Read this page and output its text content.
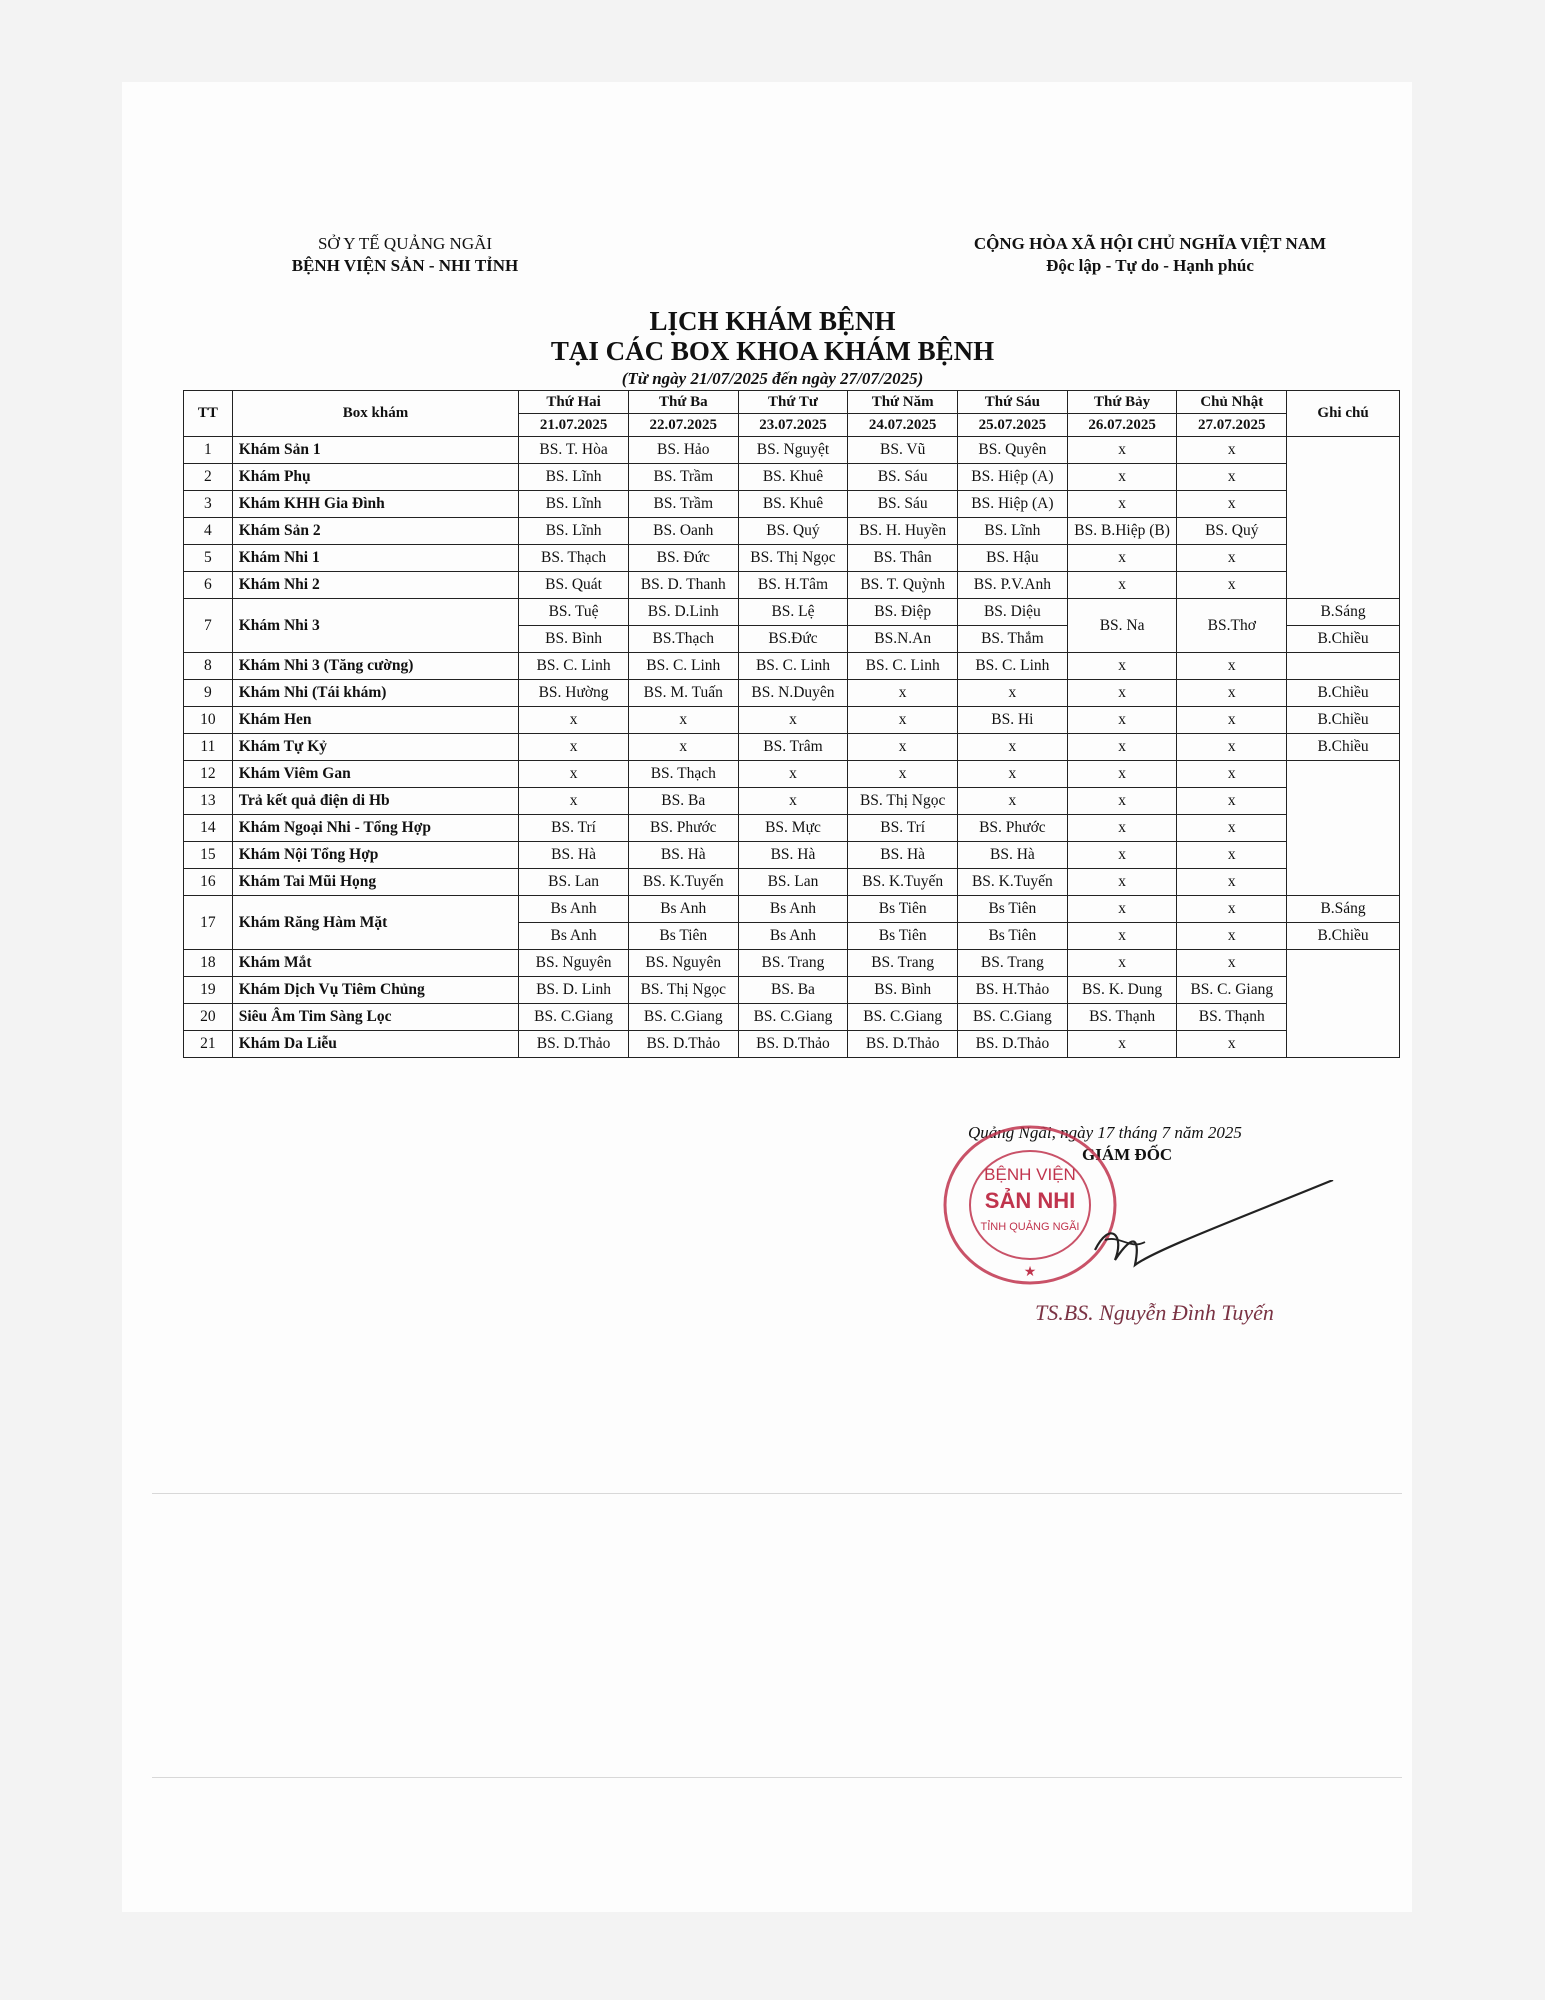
SỞ Y TẾ QUẢNG NGÃI
BỆNH VIỆN SẢN - NHI TỈNH
CỘNG HÒA XÃ HỘI CHỦ NGHĨA VIỆT NAM
Độc lập - Tự do - Hạnh phúc
LỊCH KHÁM BỆNH
TẠI CÁC BOX KHOA KHÁM BỆNH
(Từ ngày 21/07/2025 đến ngày 27/07/2025)
TT	Box khám	Thứ Hai	Thứ Ba	Thứ Tư	Thứ Năm	Thứ Sáu	Thứ Bảy	Chủ Nhật	Ghi chú
		21.07.2025	22.07.2025	23.07.2025	24.07.2025	25.07.2025	26.07.2025	27.07.2025	
1	Khám Sản 1	BS. T. Hòa	BS. Hảo	BS. Nguyệt	BS. Vũ	BS. Quyên	x	x	
2	Khám Phụ	BS. Lĩnh	BS. Trầm	BS. Khuê	BS. Sáu	BS. Hiệp (A)	x	x	
3	Khám KHH Gia Đình	BS. Lĩnh	BS. Trầm	BS. Khuê	BS. Sáu	BS. Hiệp (A)	x	x	
4	Khám Sản 2	BS. Lĩnh	BS. Oanh	BS. Quý	BS. H. Huyền	BS. Lĩnh	BS. B.Hiệp (B)	BS. Quý	
5	Khám Nhi 1	BS. Thạch	BS. Đức	BS. Thị Ngọc	BS. Thân	BS. Hậu	x	x	
6	Khám Nhi 2	BS. Quát	BS. D. Thanh	BS. H.Tâm	BS. T. Quỳnh	BS. P.V.Anh	x	x	
7	Khám Nhi 3	BS. Tuệ	BS. D.Linh	BS. Lệ	BS. Điệp	BS. Diệu	BS. Na	BS.Thơ	B.Sáng
		BS. Bình	BS.Thạch	BS.Đức	BS.N.An	BS. Thắm			B.Chiều
8	Khám Nhi 3 (Tăng cường)	BS. C. Linh	BS. C. Linh	BS. C. Linh	BS. C. Linh	BS. C. Linh	x	x	
9	Khám Nhi (Tái khám)	BS. Hường	BS. M. Tuấn	BS. N.Duyên	x	x	x	x	B.Chiều
10	Khám Hen	x	x	x	x	BS. Hi	x	x	B.Chiều
11	Khám Tự Kỷ	x	x	BS. Trâm	x	x	x	x	B.Chiều
12	Khám Viêm Gan	x	BS. Thạch	x	x	x	x	x	
13	Trả kết quả điện di Hb	x	BS. Ba	x	BS. Thị Ngọc	x	x	x	
14	Khám Ngoại Nhi - Tổng Hợp	BS. Trí	BS. Phước	BS. Mực	BS. Trí	BS. Phước	x	x	
15	Khám Nội Tổng Hợp	BS. Hà	BS. Hà	BS. Hà	BS. Hà	BS. Hà	x	x	
16	Khám Tai Mũi Họng	BS. Lan	BS. K.Tuyến	BS. Lan	BS. K.Tuyến	BS. K.Tuyến	x	x	
17	Khám Răng Hàm Mặt	Bs Anh	Bs Anh	Bs Anh	Bs Tiên	Bs Tiên	x	x	B.Sáng
		Bs Anh	Bs Tiên	Bs Anh	Bs Tiên	Bs Tiên	x	x	B.Chiều
18	Khám Mắt	BS. Nguyên	BS. Nguyên	BS. Trang	BS. Trang	BS. Trang	x	x	
19	Khám Dịch Vụ Tiêm Chủng	BS. D. Linh	BS. Thị Ngọc	BS. Ba	BS. Bình	BS. H.Thảo	BS. K. Dung	BS. C. Giang	
20	Siêu Âm Tim Sàng Lọc	BS. C.Giang	BS. C.Giang	BS. C.Giang	BS. C.Giang	BS. C.Giang	BS. Thạnh	BS. Thạnh	
21	Khám Da Liễu	BS. D.Thảo	BS. D.Thảo	BS. D.Thảo	BS. D.Thảo	BS. D.Thảo	x	x	
Quảng Ngãi, ngày 17 tháng 7 năm 2025
GIÁM ĐỐC
BỆNH VIỆN
SẢN NHI
TỈNH QUẢNG NGÃI
★
TS.BS. Nguyễn Đình Tuyến
